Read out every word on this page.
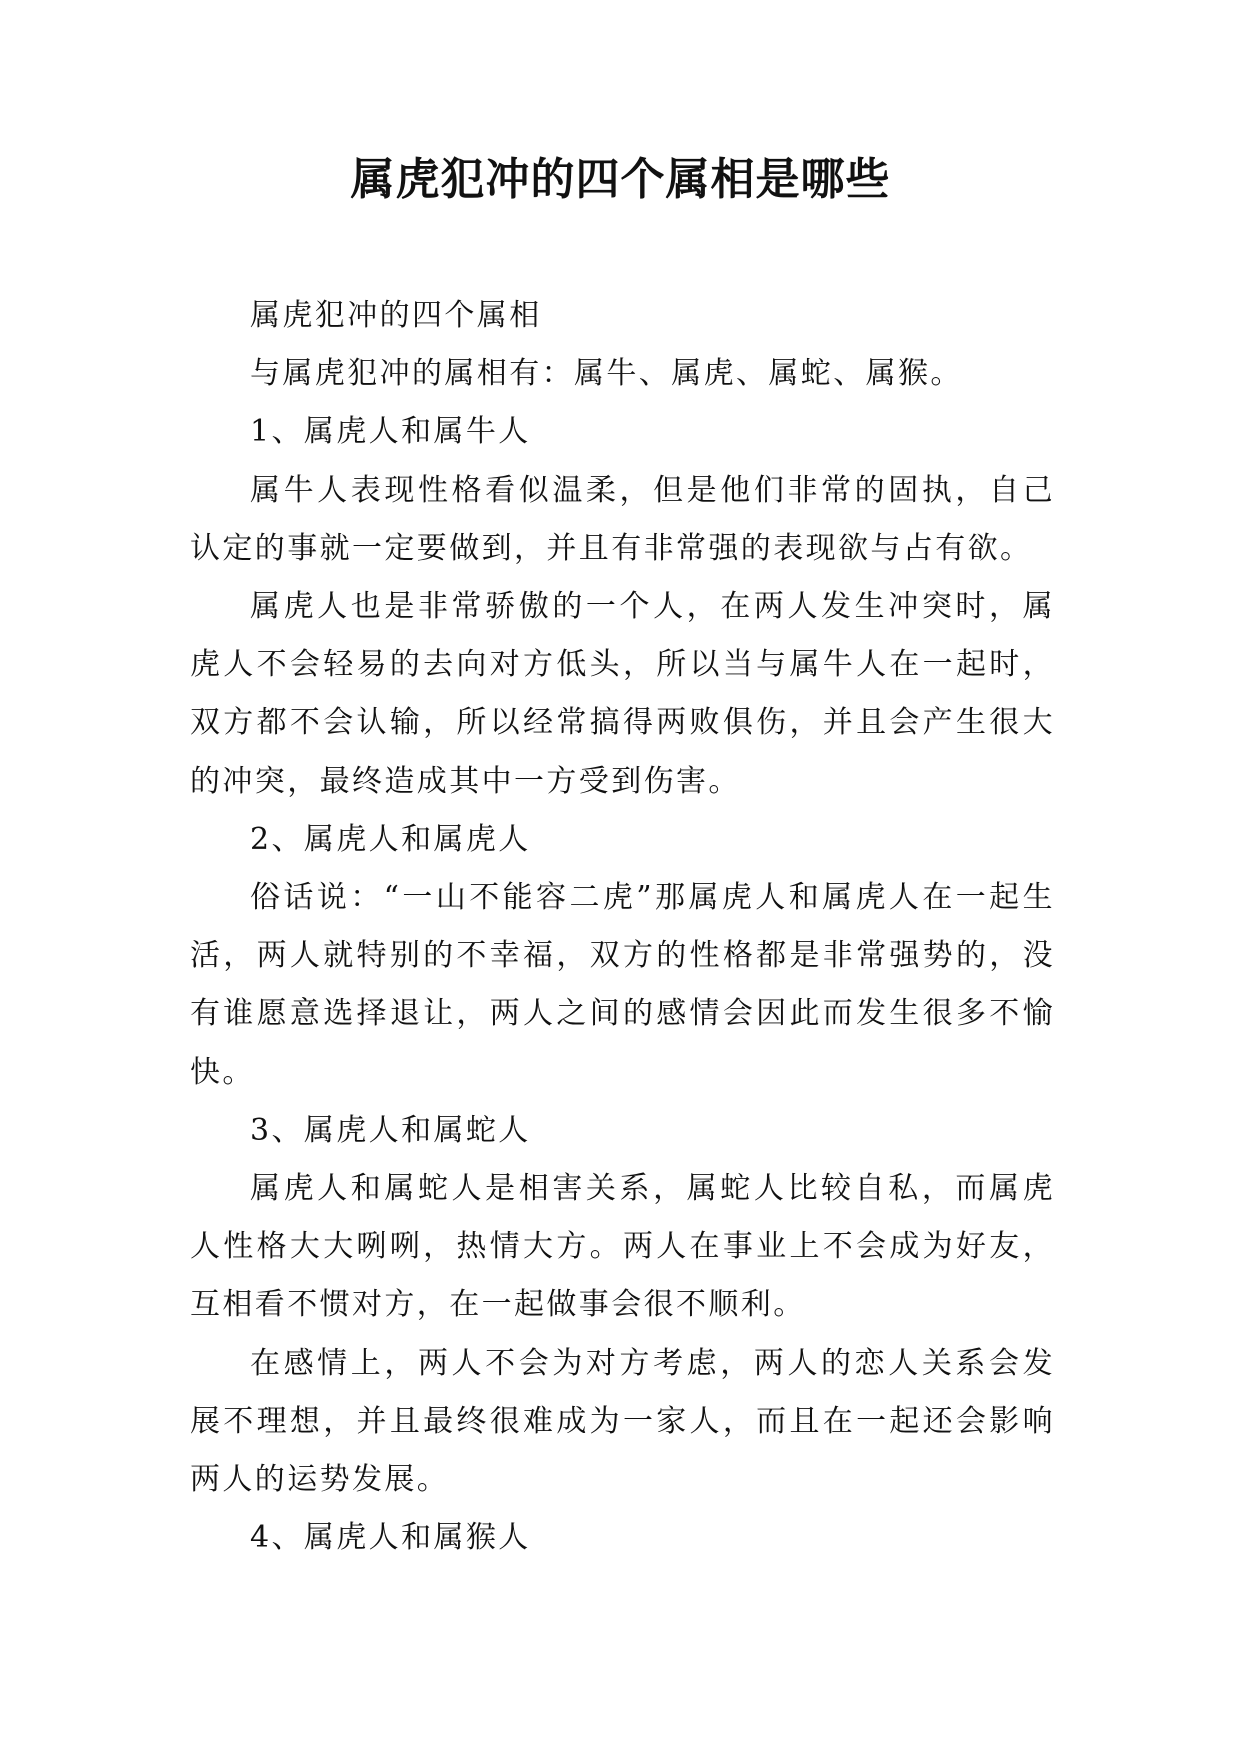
属虎犯冲的四个属相是哪些

属虎犯冲的四个属相

与属虎犯冲的属相有：属牛、属虎、属蛇、属猴。

1、属虎人和属牛人

属牛人表现性格看似温柔，但是他们非常的固执，自己认定的事就一定要做到，并且有非常强的表现欲与占有欲。

属虎人也是非常骄傲的一个人，在两人发生冲突时，属虎人不会轻易的去向对方低头，所以当与属牛人在一起时，双方都不会认输，所以经常搞得两败俱伤，并且会产生很大的冲突，最终造成其中一方受到伤害。

2、属虎人和属虎人

俗话说：“一山不能容二虎”那属虎人和属虎人在一起生活，两人就特别的不幸福，双方的性格都是非常强势的，没有谁愿意选择退让，两人之间的感情会因此而发生很多不愉快。

3、属虎人和属蛇人

属虎人和属蛇人是相害关系，属蛇人比较自私，而属虎人性格大大咧咧，热情大方。两人在事业上不会成为好友，互相看不惯对方，在一起做事会很不顺利。

在感情上，两人不会为对方考虑，两人的恋人关系会发展不理想，并且最终很难成为一家人，而且在一起还会影响两人的运势发展。

4、属虎人和属猴人
